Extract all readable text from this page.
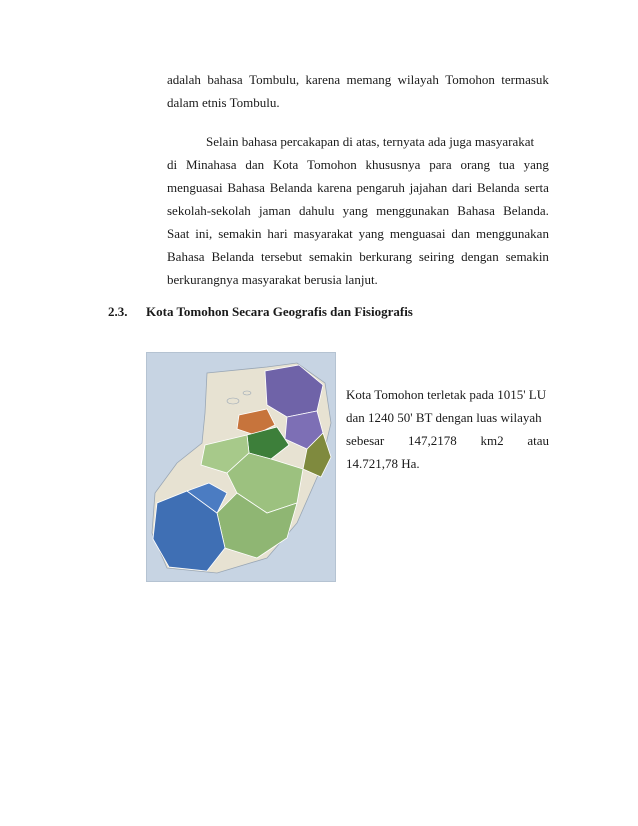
adalah bahasa Tombulu, karena memang wilayah Tomohon termasuk
dalam etnis Tombulu.
Selain bahasa percakapan di atas, ternyata ada juga masyarakat
di Minahasa dan Kota Tomohon khususnya para orang tua yang
menguasai Bahasa Belanda karena pengaruh jajahan dari Belanda serta
sekolah-sekolah jaman dahulu yang menggunakan Bahasa Belanda.
Saat ini, semakin hari masyarakat yang menguasai dan menggunakan
Bahasa Belanda tersebut semakin berkurang seiring dengan semakin
berkurangnya masyarakat berusia lanjut.
2.3. Kota Tomohon Secara Geografis dan Fisiografis
Kota Tomohon terletak pada 1015' LU
dan 1240 50' BT dengan luas wilayah
sebesar 147,2178 km2 atau
14.721,78 Ha.
